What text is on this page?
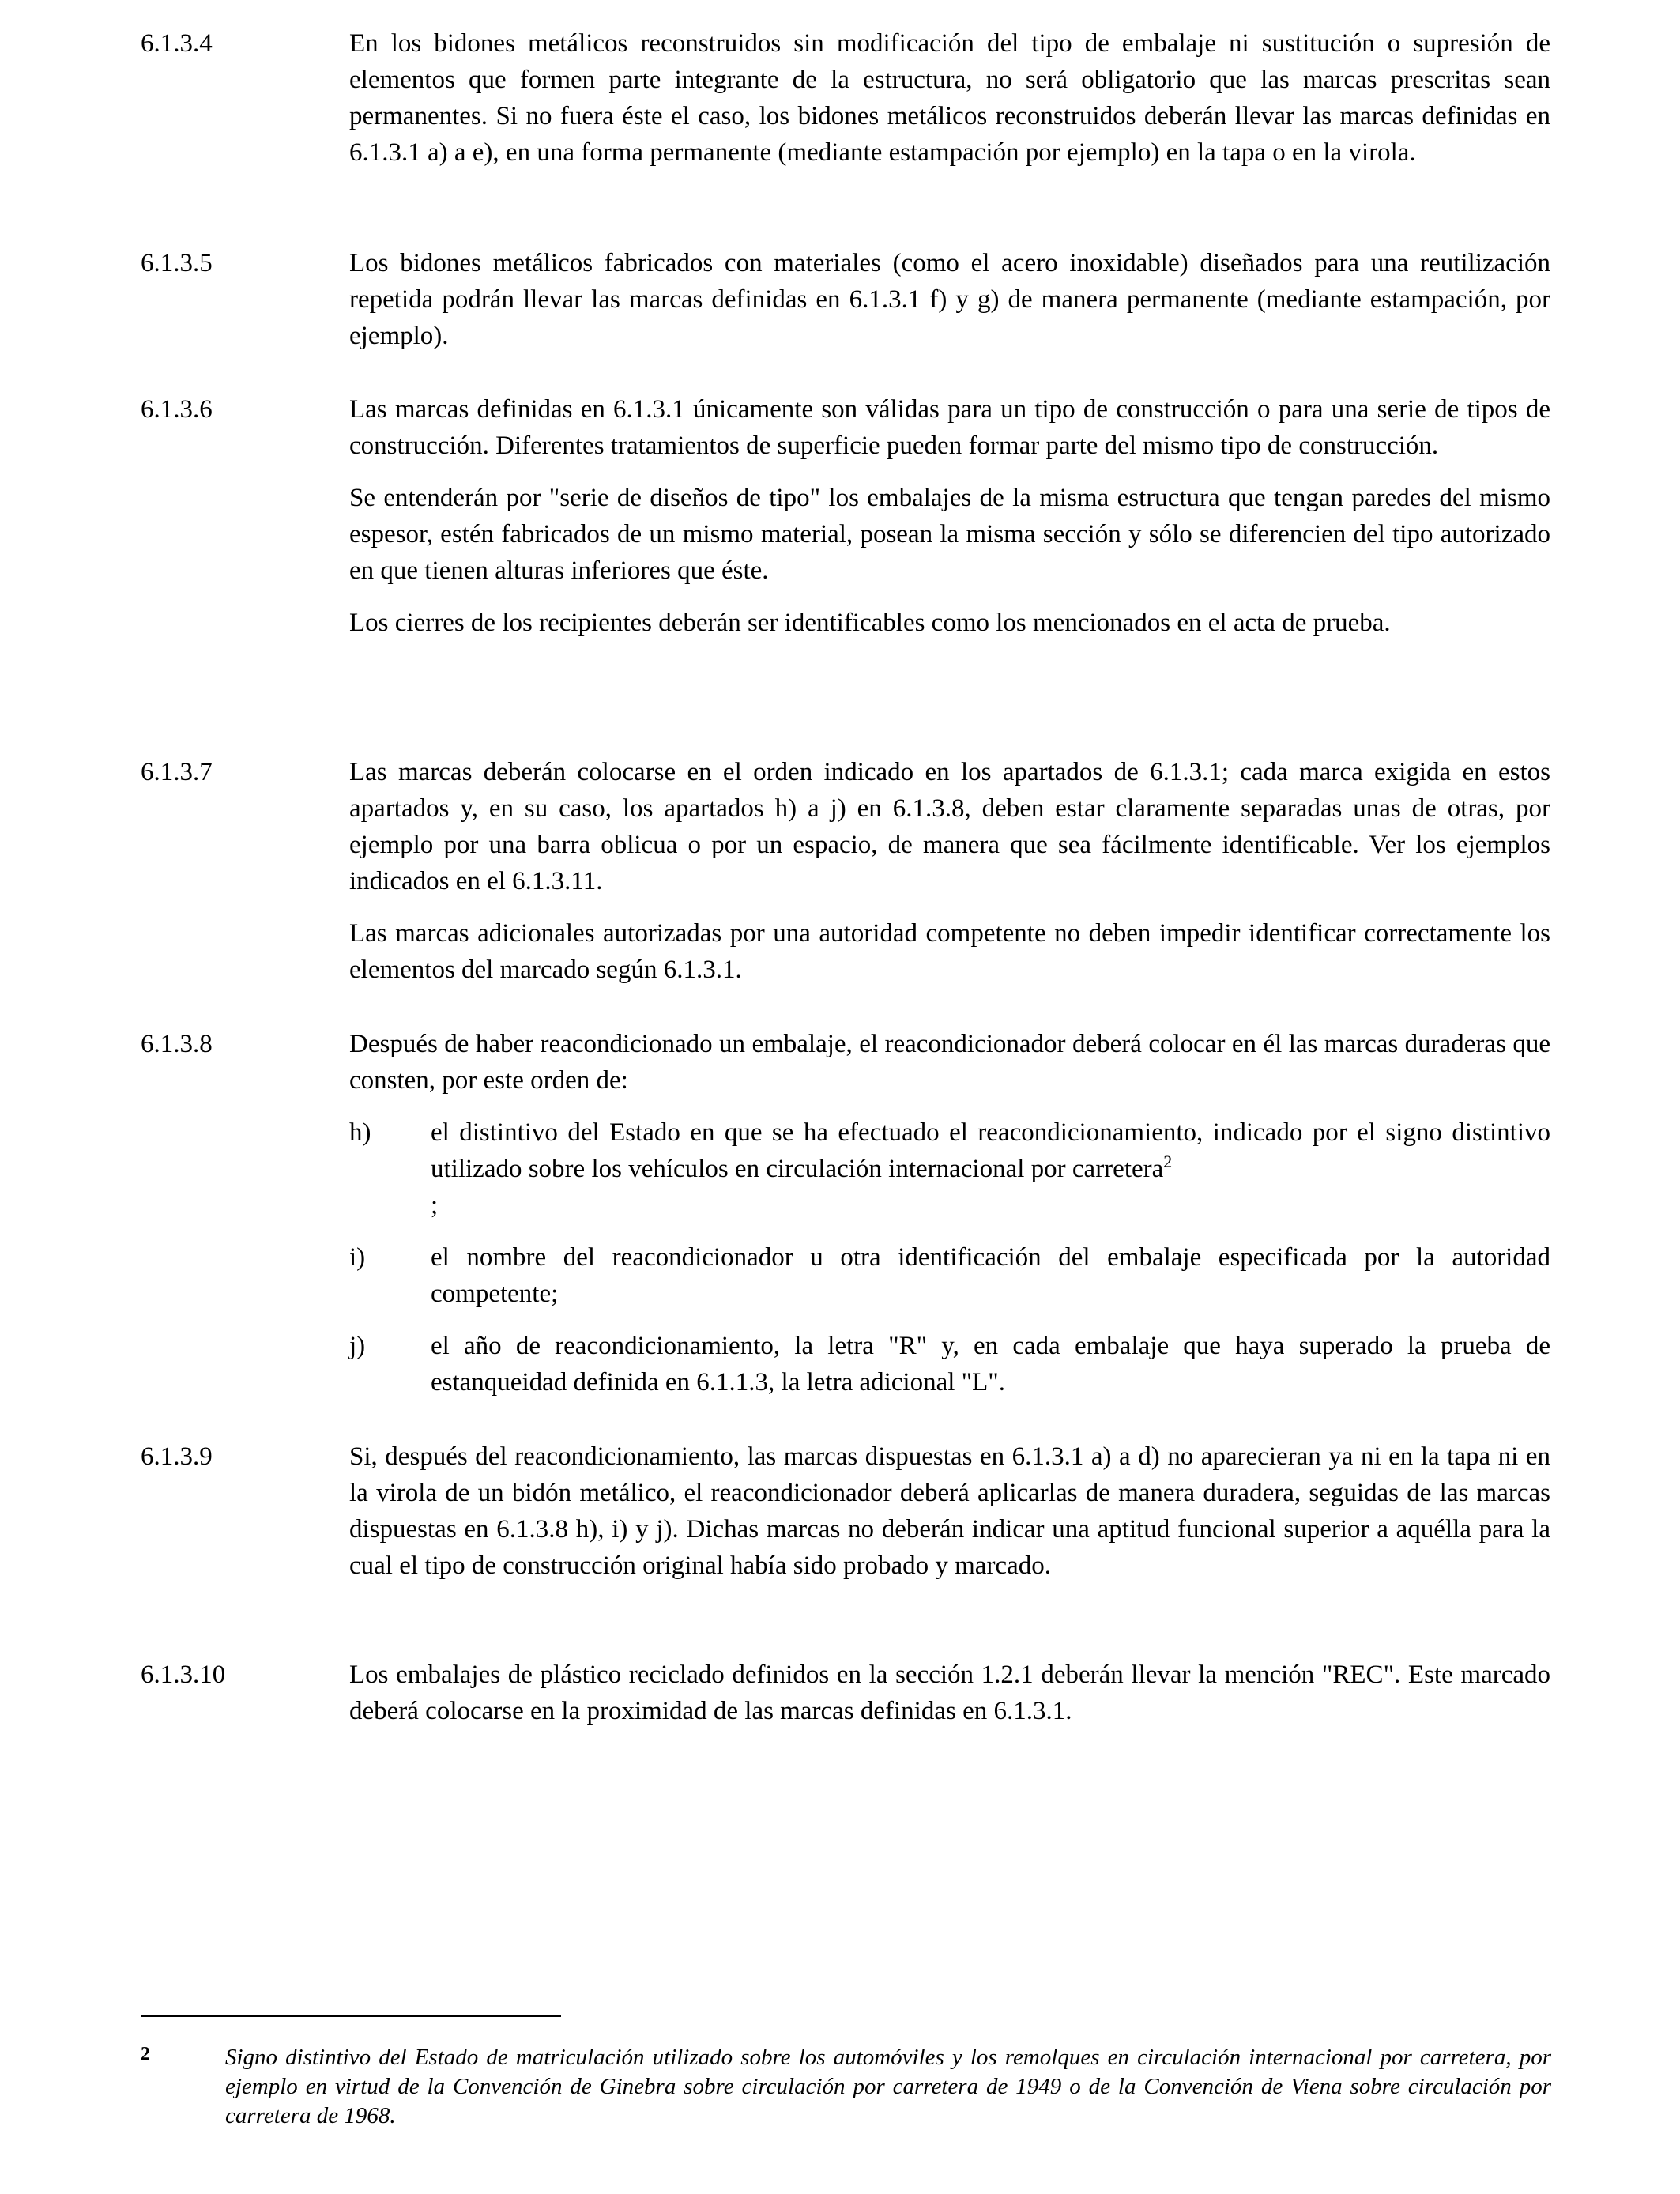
6.1.3.4	En los bidones metálicos reconstruidos sin modificación del tipo de embalaje ni sustitución o supresión de elementos que formen parte integrante de la estructura, no será obligatorio que las marcas prescritas sean permanentes. Si no fuera éste el caso, los bidones metálicos reconstruidos deberán llevar las marcas definidas en 6.1.3.1 a) a e), en una forma permanente (mediante estampación por ejemplo) en la tapa o en la virola.

6.1.3.5	Los bidones metálicos fabricados con materiales (como el acero inoxidable) diseñados para una reutilización repetida podrán llevar las marcas definidas en 6.1.3.1 f) y g) de manera permanente (mediante estampación, por ejemplo).

6.1.3.6	Las marcas definidas en 6.1.3.1 únicamente son válidas para un tipo de construcción o para una serie de tipos de construcción. Diferentes tratamientos de superficie pueden formar parte del mismo tipo de construcción.

Se entenderán por "serie de diseños de tipo" los embalajes de la misma estructura que tengan paredes del mismo espesor, estén fabricados de un mismo material, posean la misma sección y sólo se diferencien del tipo autorizado en que tienen alturas inferiores que éste.

Los cierres de los recipientes deberán ser identificables como los mencionados en el acta de prueba.

6.1.3.7	Las marcas deberán colocarse en el orden indicado en los apartados de 6.1.3.1; cada marca exigida en estos apartados y, en su caso, los apartados h) a j) en 6.1.3.8, deben estar claramente separadas unas de otras, por ejemplo por una barra oblicua o por un espacio, de manera que sea fácilmente identificable. Ver los ejemplos indicados en el 6.1.3.11.

Las marcas adicionales autorizadas por una autoridad competente no deben impedir identificar correctamente los elementos del marcado según 6.1.3.1.

6.1.3.8	Después de haber reacondicionado un embalaje, el reacondicionador deberá colocar en él las marcas duraderas que consten, por este orden de:

h) el distintivo del Estado en que se ha efectuado el reacondicionamiento, indicado por el signo distintivo utilizado sobre los vehículos en circulación internacional por carretera$^2$
;
i)	el nombre del reacondicionador u otra identificación del embalaje especificada por la autoridad competente;
j)	el año de reacondicionamiento, la letra "R" y, en cada embalaje que haya superado la prueba de estanqueidad definida en 6.1.1.3, la letra adicional "L".
6.1.3.9	Si, después del reacondicionamiento, las marcas dispuestas en 6.1.3.1 a) a d) no aparecieran ya ni en la tapa ni en la virola de un bidón metálico, el reacondicionador deberá aplicarlas de manera duradera, seguidas de las marcas dispuestas en 6.1.3.8 h), i) y j). Dichas marcas no deberán indicar una aptitud funcional superior a aquélla para la cual el tipo de construcción original había sido probado y marcado.

6.1.3.10	Los embalajes de plástico reciclado definidos en la sección 1.2.1 deberán llevar la mención "REC". Este marcado deberá colocarse en la proximidad de las marcas definidas en 6.1.3.1.

2	Signo distintivo del Estado de matriculación utilizado sobre los automóviles y los remolques en circulación internacional por carretera, por ejemplo en virtud de la Convención de Ginebra sobre circulación por carretera de 1949 o de la Convención de Viena sobre circulación por carretera de 1968.
